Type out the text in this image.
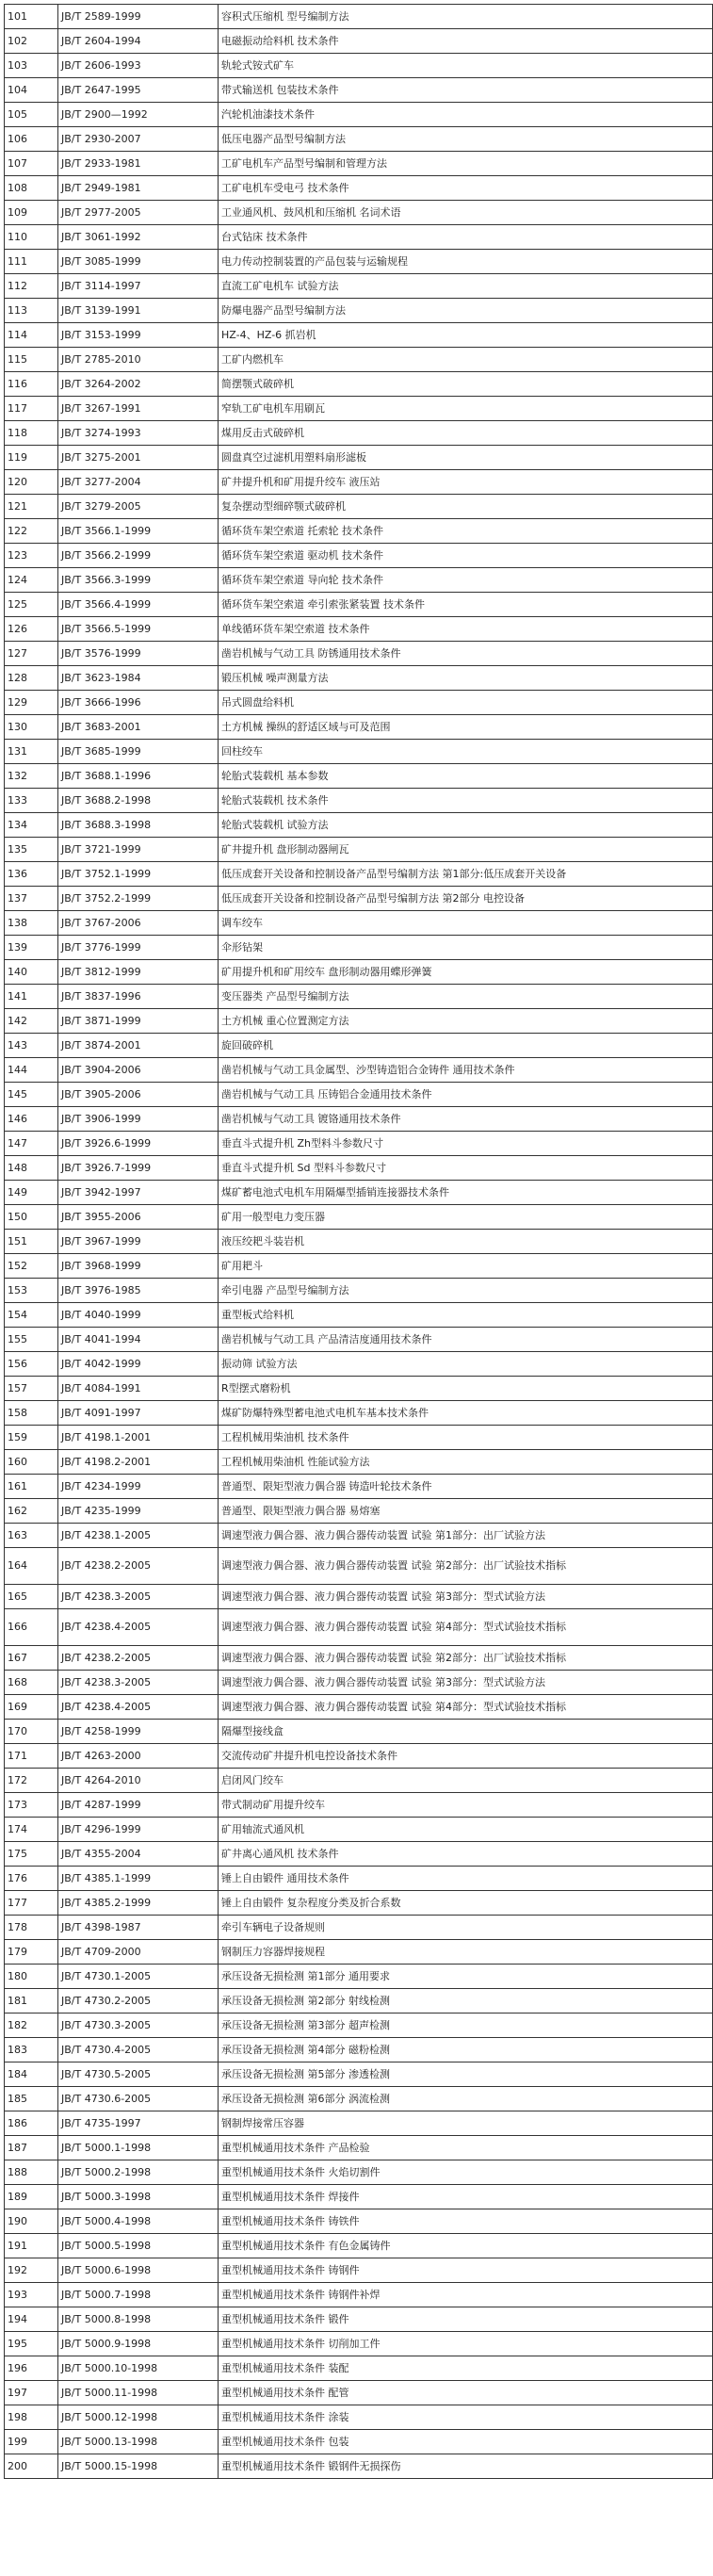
101	JB/T 2589-1999	容积式压缩机 型号编制方法
102	JB/T 2604-1994	电磁振动给料机 技术条件
103	JB/T 2606-1993	轨轮式铵式矿车
104	JB/T 2647-1995	带式输送机 包装技术条件
105	JB/T 2900—1992	汽轮机油漆技术条件
106	JB/T 2930-2007	低压电器产品型号编制方法
107	JB/T 2933-1981	工矿电机车产品型号编制和管理方法
108	JB/T 2949-1981	工矿电机车受电弓 技术条件
109	JB/T 2977-2005	工业通风机、鼓风机和压缩机 名词术语
110	JB/T 3061-1992	台式钻床 技术条件
111	JB/T 3085-1999	电力传动控制装置的产品包装与运输规程
112	JB/T 3114-1997	直流工矿电机车 试验方法
113	JB/T 3139-1991	防爆电器产品型号编制方法
114	JB/T 3153-1999	HZ-4、HZ-6 抓岩机
115	JB/T 2785-2010	工矿内燃机车
116	JB/T 3264-2002	简摆颚式破碎机
117	JB/T 3267-1991	窄轨工矿电机车用刷瓦
118	JB/T 3274-1993	煤用反击式破碎机
119	JB/T 3275-2001	圆盘真空过滤机用塑料扇形滤板
120	JB/T 3277-2004	矿井提升机和矿用提升绞车 液压站
121	JB/T 3279-2005	复杂摆动型细碎颚式破碎机
122	JB/T 3566.1-1999	循环货车架空索道 托索轮 技术条件
123	JB/T 3566.2-1999	循环货车架空索道 驱动机 技术条件
124	JB/T 3566.3-1999	循环货车架空索道 导向轮 技术条件
125	JB/T 3566.4-1999	循环货车架空索道 牵引索张紧装置 技术条件
126	JB/T 3566.5-1999	单线循环货车架空索道 技术条件
127	JB/T 3576-1999	凿岩机械与气动工具 防锈通用技术条件
128	JB/T 3623-1984	锻压机械 噪声测量方法
129	JB/T 3666-1996	吊式圆盘给料机
130	JB/T 3683-2001	土方机械 操纵的舒适区域与可及范围
131	JB/T 3685-1999	回柱绞车
132	JB/T 3688.1-1996	轮胎式装载机 基本参数
133	JB/T 3688.2-1998	轮胎式装载机 技术条件
134	JB/T 3688.3-1998	轮胎式装载机 试验方法
135	JB/T 3721-1999	矿井提升机 盘形制动器闸瓦
136	JB/T 3752.1-1999	低压成套开关设备和控制设备产品型号编制方法 第1部分:低压成套开关设备
137	JB/T 3752.2-1999	低压成套开关设备和控制设备产品型号编制方法 第2部分 电控设备
138	JB/T 3767-2006	调车绞车
139	JB/T 3776-1999	伞形钻架
140	JB/T 3812-1999	矿用提升机和矿用绞车 盘形制动器用蝶形弹簧
141	JB/T 3837-1996	变压器类 产品型号编制方法
142	JB/T 3871-1999	土方机械 重心位置测定方法
143	JB/T 3874-2001	旋回破碎机
144	JB/T 3904-2006	凿岩机械与气动工具金属型、沙型铸造铝合金铸件 通用技术条件
145	JB/T 3905-2006	凿岩机械与气动工具 压铸铝合金通用技术条件
146	JB/T 3906-1999	凿岩机械与气动工具 镀铬通用技术条件
147	JB/T 3926.6-1999	垂直斗式提升机 Zh型料斗参数尺寸
148	JB/T 3926.7-1999	垂直斗式提升机 Sd 型料斗参数尺寸
149	JB/T 3942-1997	煤矿蓄电池式电机车用隔爆型插销连接器技术条件
150	JB/T 3955-2006	矿用一般型电力变压器
151	JB/T 3967-1999	液压绞耙斗装岩机
152	JB/T 3968-1999	矿用耙斗
153	JB/T 3976-1985	牵引电器 产品型号编制方法
154	JB/T 4040-1999	重型板式给料机
155	JB/T 4041-1994	凿岩机械与气动工具 产品清洁度通用技术条件
156	JB/T 4042-1999	振动筛 试验方法
157	JB/T 4084-1991	R型摆式磨粉机
158	JB/T 4091-1997	煤矿防爆特殊型蓄电池式电机车基本技术条件
159	JB/T 4198.1-2001	工程机械用柴油机 技术条件
160	JB/T 4198.2-2001	工程机械用柴油机 性能试验方法
161	JB/T 4234-1999	普通型、限矩型液力偶合器 铸造叶轮技术条件
162	JB/T 4235-1999	普通型、限矩型液力偶合器 易熔塞
163	JB/T 4238.1-2005	调速型液力偶合器、液力偶合器传动装置 试验 第1部分：出厂试验方法
164	JB/T 4238.2-2005	调速型液力偶合器、液力偶合器传动装置 试验 第2部分：出厂试验技术指标
165	JB/T 4238.3-2005	调速型液力偶合器、液力偶合器传动装置 试验 第3部分：型式试验方法
166	JB/T 4238.4-2005	调速型液力偶合器、液力偶合器传动装置 试验 第4部分：型式试验技术指标
167	JB/T 4238.2-2005	调速型液力偶合器、液力偶合器传动装置 试验 第2部分：出厂试验技术指标
168	JB/T 4238.3-2005	调速型液力偶合器、液力偶合器传动装置 试验 第3部分：型式试验方法
169	JB/T 4238.4-2005	调速型液力偶合器、液力偶合器传动装置 试验 第4部分：型式试验技术指标
170	JB/T 4258-1999	隔爆型接线盒
171	JB/T 4263-2000	交流传动矿井提升机电控设备技术条件
172	JB/T 4264-2010	启闭风门绞车
173	JB/T 4287-1999	带式制动矿用提升绞车
174	JB/T 4296-1999	矿用轴流式通风机
175	JB/T 4355-2004	矿井离心通风机 技术条件
176	JB/T 4385.1-1999	锤上自由锻件 通用技术条件
177	JB/T 4385.2-1999	锤上自由锻件 复杂程度分类及折合系数
178	JB/T 4398-1987	牵引车辆电子设备规则
179	JB/T 4709-2000	钢制压力容器焊接规程
180	JB/T 4730.1-2005	承压设备无损检测 第1部分 通用要求
181	JB/T 4730.2-2005	承压设备无损检测 第2部分 射线检测
182	JB/T 4730.3-2005	承压设备无损检测 第3部分 超声检测
183	JB/T 4730.4-2005	承压设备无损检测 第4部分 磁粉检测
184	JB/T 4730.5-2005	承压设备无损检测 第5部分 渗透检测
185	JB/T 4730.6-2005	承压设备无损检测 第6部分 涡流检测
186	JB/T 4735-1997	钢制焊接常压容器
187	JB/T 5000.1-1998	重型机械通用技术条件 产品检验
188	JB/T 5000.2-1998	重型机械通用技术条件 火焰切割件
189	JB/T 5000.3-1998	重型机械通用技术条件 焊接件
190	JB/T 5000.4-1998	重型机械通用技术条件 铸铁件
191	JB/T 5000.5-1998	重型机械通用技术条件 有色金属铸件
192	JB/T 5000.6-1998	重型机械通用技术条件 铸钢件
193	JB/T 5000.7-1998	重型机械通用技术条件 铸钢件补焊
194	JB/T 5000.8-1998	重型机械通用技术条件 锻件
195	JB/T 5000.9-1998	重型机械通用技术条件 切削加工件
196	JB/T 5000.10-1998	重型机械通用技术条件 装配
197	JB/T 5000.11-1998	重型机械通用技术条件 配管
198	JB/T 5000.12-1998	重型机械通用技术条件 涂装
199	JB/T 5000.13-1998	重型机械通用技术条件 包装
200	JB/T 5000.15-1998	重型机械通用技术条件 锻钢件无损探伤
